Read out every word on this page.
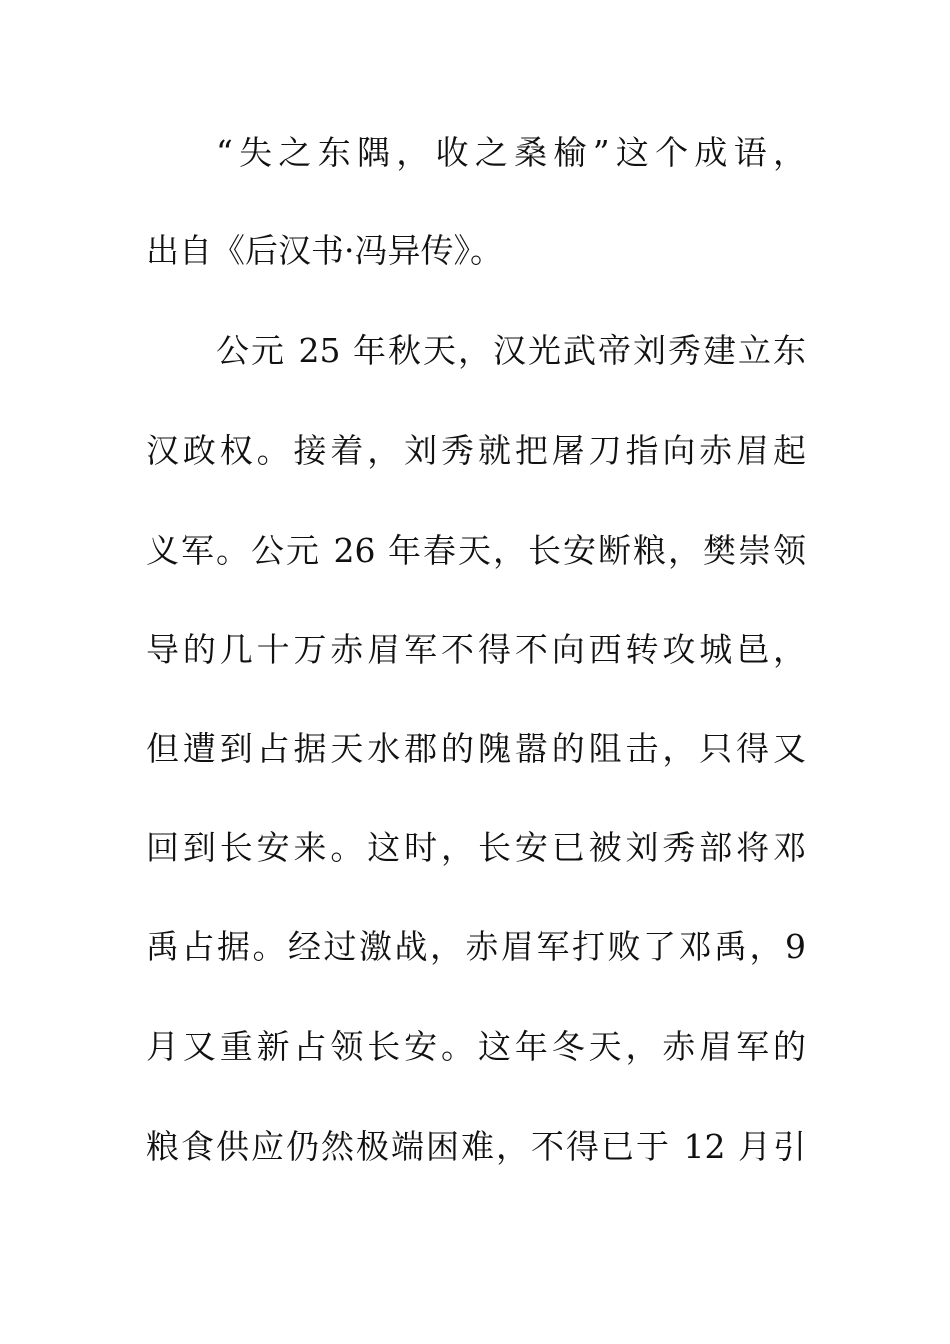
“失之东隅，收之桑榆”这个成语，
出自《后汉书·冯异传》。
公元 25 年秋天，汉光武帝刘秀建立东
汉政权。接着，刘秀就把屠刀指向赤眉起
义军。公元 26 年春天，长安断粮，樊崇领
导的几十万赤眉军不得不向西转攻城邑，
但遭到占据天水郡的隗嚣的阻击，只得又
回到长安来。这时，长安已被刘秀部将邓
禹占据。经过激战，赤眉军打败了邓禹，9
月又重新占领长安。这年冬天，赤眉军的
粮食供应仍然极端困难，不得已于 12 月引
